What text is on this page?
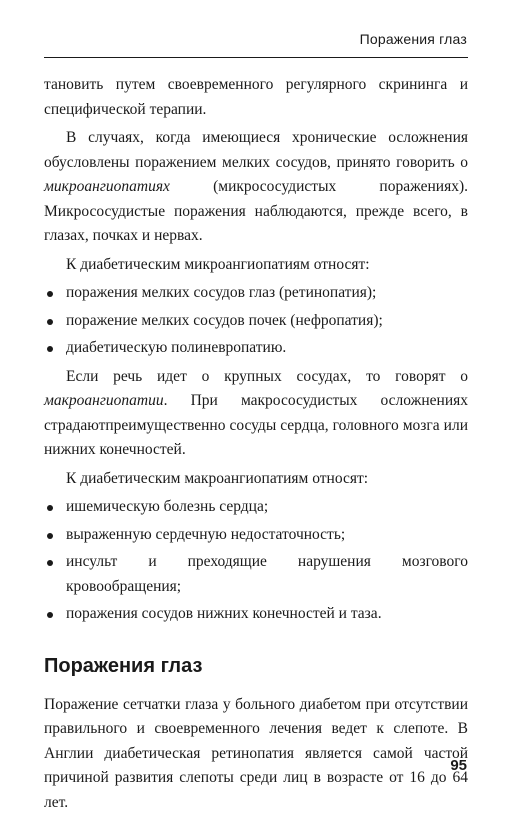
Поражения глаз

тановить путем своевременного регулярного скрининга и специфической терапии.

В случаях, когда имеющиеся хронические осложнения обусловлены поражением мелких сосудов, принято говорить о микроангиопатиях (микрососудистых поражениях). Микрососудистые поражения наблюдаются, прежде всего, в глазах, почках и нервах.

К диабетическим микроангиопатиям относят:

поражения мелких сосудов глаз (ретинопатия);
поражение мелких сосудов почек (нефропатия);
диабетическую полиневропатию.

Если речь идет о крупных сосудах, то говорят о макроангиопатии. При макрососудистых осложнениях страдаютпреимущественно сосуды сердца, головного мозга или нижних конечностей.

К диабетическим макроангиопатиям относят:

ишемическую болезнь сердца;
выраженную сердечную недостаточность;
инсульт и преходящие нарушения мозгового кровообращения;
поражения сосудов нижних конечностей и таза.
Поражения глаз

Поражение сетчатки глаза у больного диабетом при отсутствии правильного и своевременного лечения ведет к слепоте. В Англии диабетическая ретинопатия является самой частой причиной развития слепоты среди лиц в возрасте от 16 до 64 лет.

95
